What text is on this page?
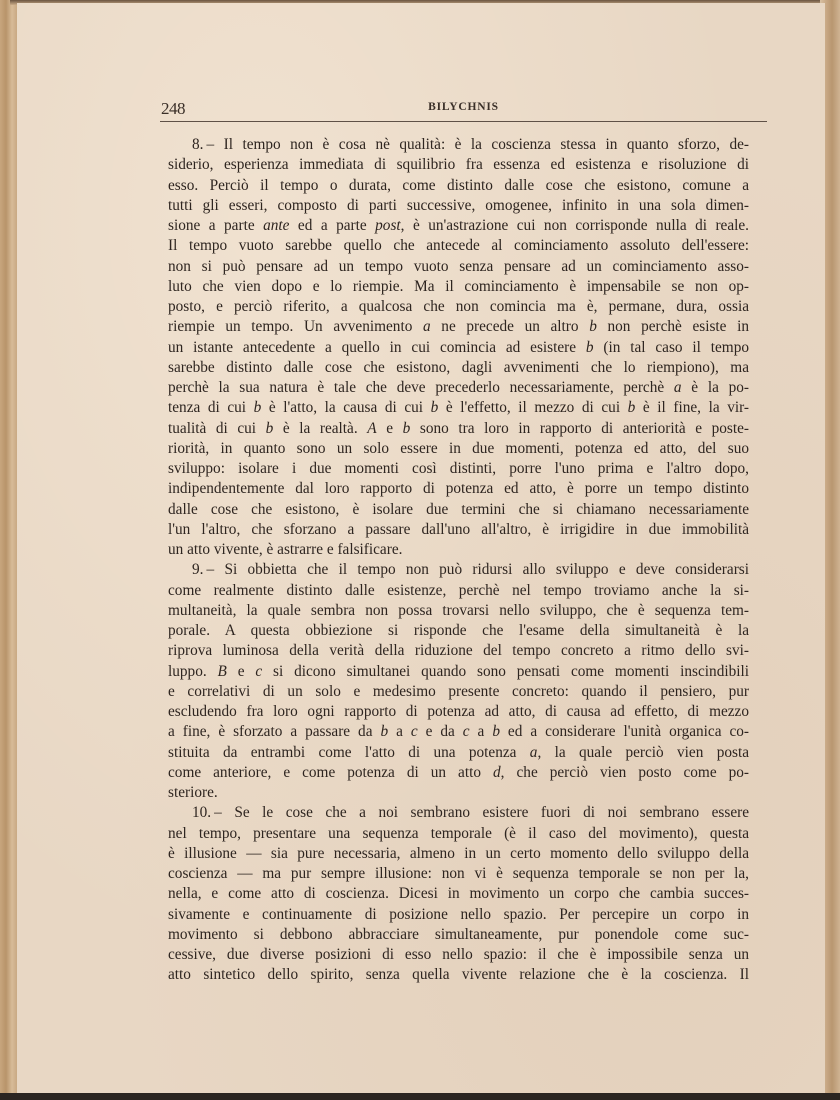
248	BILYCHNIS
8. – Il tempo non è cosa nè qualità: è la coscienza stessa in quanto sforzo, de-
siderio, esperienza immediata di squilibrio fra essenza ed esistenza e risoluzione di
esso. Perciò il tempo o durata, come distinto dalle cose che esistono, comune a
tutti gli esseri, composto di parti successive, omogenee, infinito in una sola dimen-
sione a parte ante ed a parte post, è un'astrazione cui non corrisponde nulla di reale.
Il tempo vuoto sarebbe quello che antecede al cominciamento assoluto dell'essere:
non si può pensare ad un tempo vuoto senza pensare ad un cominciamento asso-
luto che vien dopo e lo riempie. Ma il cominciamento è impensabile se non op-
posto, e perciò riferito, a qualcosa che non comincia ma è, permane, dura, ossia
riempie un tempo. Un avvenimento a ne precede un altro b non perchè esiste in
un istante antecedente a quello in cui comincia ad esistere b (in tal caso il tempo
sarebbe distinto dalle cose che esistono, dagli avvenimenti che lo riempiono), ma
perchè la sua natura è tale che deve precederlo necessariamente, perchè a è la po-
tenza di cui b è l'atto, la causa di cui b è l'effetto, il mezzo di cui b è il fine, la vir-
tualità di cui b è la realtà. A e b sono tra loro in rapporto di anteriorità e poste-
riorità, in quanto sono un solo essere in due momenti, potenza ed atto, del suo
sviluppo: isolare i due momenti così distinti, porre l'uno prima e l'altro dopo,
indipendentemente dal loro rapporto di potenza ed atto, è porre un tempo distinto
dalle cose che esistono, è isolare due termini che si chiamano necessariamente
l'un l'altro, che sforzano a passare dall'uno all'altro, è irrigidire in due immobilità
un atto vivente, è astrarre e falsificare.
9. – Si obbietta che il tempo non può ridursi allo sviluppo e deve considerarsi
come realmente distinto dalle esistenze, perchè nel tempo troviamo anche la si-
multaneità, la quale sembra non possa trovarsi nello sviluppo, che è sequenza tem-
porale. A questa obbiezione si risponde che l'esame della simultaneità è la
riprova luminosa della verità della riduzione del tempo concreto a ritmo dello svi-
luppo. B e c si dicono simultanei quando sono pensati come momenti inscindibili
e correlativi di un solo e medesimo presente concreto: quando il pensiero, pur
escludendo fra loro ogni rapporto di potenza ad atto, di causa ad effetto, di mezzo
a fine, è sforzato a passare da b a c e da c a b ed a considerare l'unità organica co-
stituita da entrambi come l'atto di una potenza a, la quale perciò vien posta
come anteriore, e come potenza di un atto d, che perciò vien posto come po-
steriore.
10. – Se le cose che a noi sembrano esistere fuori di noi sembrano essere
nel tempo, presentare una sequenza temporale (è il caso del movimento), questa
è illusione — sia pure necessaria, almeno in un certo momento dello sviluppo della
coscienza — ma pur sempre illusione: non vi è sequenza temporale se non per la,
nella, e come atto di coscienza. Dicesi in movimento un corpo che cambia succes-
sivamente e continuamente di posizione nello spazio. Per percepire un corpo in
movimento si debbono abbracciare simultaneamente, pur ponendole come suc-
cessive, due diverse posizioni di esso nello spazio: il che è impossibile senza un
atto sintetico dello spirito, senza quella vivente relazione che è la coscienza. Il
